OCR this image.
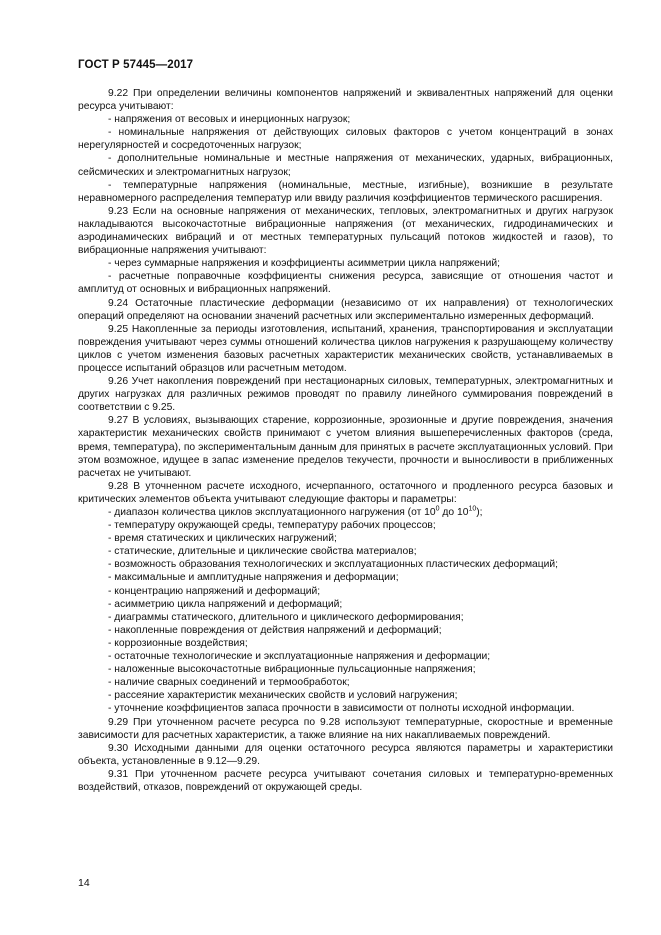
ГОСТ Р 57445—2017

9.22 При определении величины компонентов напряжений и эквивалентных напряжений для оценки ресурса учитывают:

- напряжения от весовых и инерционных нагрузок;

- номинальные напряжения от действующих силовых факторов с учетом концентраций в зонах нерегулярностей и сосредоточенных нагрузок;

- дополнительные номинальные и местные напряжения от механических, ударных, вибрационных, сейсмических и электромагнитных нагрузок;

- температурные напряжения (номинальные, местные, изгибные), возникшие в результате неравномерного распределения температур или ввиду различия коэффициентов термического расширения.

9.23 Если на основные напряжения от механических, тепловых, электромагнитных и других нагрузок накладываются высокочастотные вибрационные напряжения (от механических, гидродинамических и аэродинамических вибраций и от местных температурных пульсаций потоков жидкостей и газов), то вибрационные напряжения учитывают:

- через суммарные напряжения и коэффициенты асимметрии цикла напряжений;

- расчетные поправочные коэффициенты снижения ресурса, зависящие от отношения частот и амплитуд от основных и вибрационных напряжений.

9.24 Остаточные пластические деформации (независимо от их направления) от технологических операций определяют на основании значений расчетных или экспериментально измеренных деформаций.

9.25 Накопленные за периоды изготовления, испытаний, хранения, транспортирования и эксплуатации повреждения учитывают через суммы отношений количества циклов нагружения к разрушающему количеству циклов с учетом изменения базовых расчетных характеристик механических свойств, устанавливаемых в процессе испытаний образцов или расчетным методом.

9.26 Учет накопления повреждений при нестационарных силовых, температурных, электромагнитных и других нагрузках для различных режимов проводят по правилу линейного суммирования повреждений в соответствии с 9.25.

9.27 В условиях, вызывающих старение, коррозионные, эрозионные и другие повреждения, значения характеристик механических свойств принимают с учетом влияния вышеперечисленных факторов (среда, время, температура), по экспериментальным данным для принятых в расчете эксплуатационных условий. При этом возможное, идущее в запас изменение пределов текучести, прочности и выносливости в приближенных расчетах не учитывают.

9.28 В уточненном расчете исходного, исчерпанного, остаточного и продленного ресурса базовых и критических элементов объекта учитывают следующие факторы и параметры:

- диапазон количества циклов эксплуатационного нагружения (от $10^0$ до $10^{10}$);

- температуру окружающей среды, температуру рабочих процессов;

- время статических и циклических нагружений;

- статические, длительные и циклические свойства материалов;

- возможность образования технологических и эксплуатационных пластических деформаций;

- максимальные и амплитудные напряжения и деформации;

- концентрацию напряжений и деформаций;

- асимметрию цикла напряжений и деформаций;

- диаграммы статического, длительного и циклического деформирования;

- накопленные повреждения от действия напряжений и деформаций;

- коррозионные воздействия;

- остаточные технологические и эксплуатационные напряжения и деформации;

- наложенные высокочастотные вибрационные пульсационные напряжения;

- наличие сварных соединений и термообработок;

- рассеяние характеристик механических свойств и условий нагружения;

- уточнение коэффициентов запаса прочности в зависимости от полноты исходной информации.

9.29 При уточненном расчете ресурса по 9.28 используют температурные, скоростные и временные зависимости для расчетных характеристик, а также влияние на них накапливаемых повреждений.

9.30 Исходными данными для оценки остаточного ресурса являются параметры и характеристики объекта, установленные в 9.12—9.29.

9.31 При уточненном расчете ресурса учитывают сочетания силовых и температурно-временных воздействий, отказов, повреждений от окружающей среды.

14
